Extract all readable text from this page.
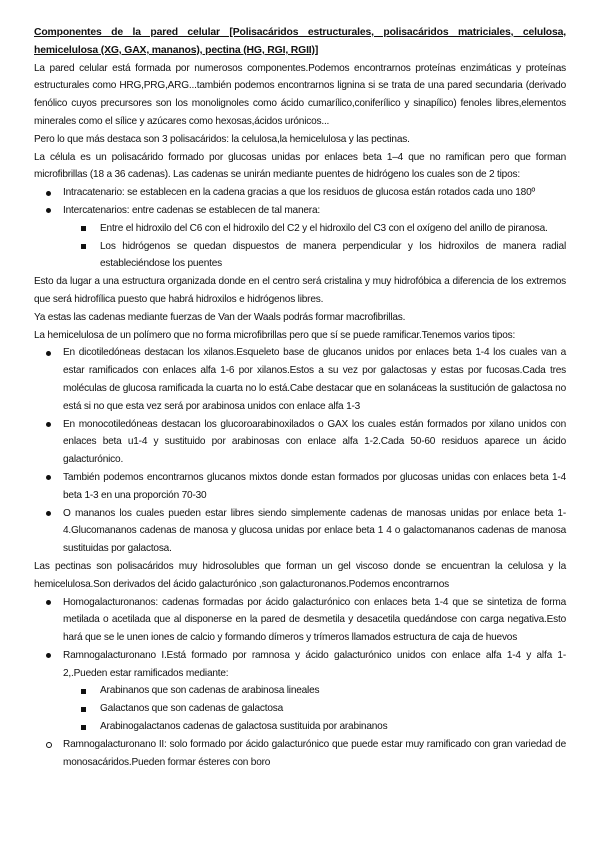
Componentes de la pared celular [Polisacáridos estructurales, polisacáridos matriciales, celulosa, hemicelulosa (XG, GAX, mananos), pectina (HG, RGI, RGII)]

La pared celular está formada por numerosos componentes.Podemos encontrarnos proteínas enzimáticas y proteínas estructurales como HRG,PRG,ARG...también podemos encontrarnos lignina si se trata de una pared secundaria (derivado fenólico cuyos precursores son los monolignoles como ácido cumarílico,coniferílico y sinapílico) fenoles libres,elementos minerales como el sílice y azúcares como hexosas,ácidos urónicos...

Pero lo que más destaca son 3 polisacáridos: la celulosa,la hemicelulosa y las pectinas.

La célula es un polisacárido formado por glucosas unidas por enlaces beta 1–4 que no ramifican pero que forman microfibrillas (18 a 36 cadenas). Las cadenas se unirán mediante puentes de hidrógeno los cuales son de 2 tipos:

Intracatenario: se establecen en la cadena gracias a que los residuos de glucosa están rotados cada uno 180º
Intercatenarios: entre cadenas se establecen de tal manera:
Entre el hidroxilo del C6 con el hidroxilo del C2 y el hidroxilo del C3 con el oxígeno del anillo de piranosa.
Los hidrógenos se quedan dispuestos de manera perpendicular y los hidroxilos de manera radial estableciéndose los puentes

Esto da lugar a una estructura organizada donde en el centro será cristalina y muy hidrofóbica a diferencia de los extremos que será hidrofílica puesto que habrá hidroxilos e hidrógenos libres.

Ya estas las cadenas mediante fuerzas de Van der Waals podrás formar macrofibrillas.

La hemicelulosa de un polímero que no forma microfibrillas pero que sí se puede ramificar.Tenemos varios tipos:

En dicotiledóneas destacan los xilanos.Esqueleto base de glucanos unidos por enlaces beta 1-4 los cuales van a estar ramificados con enlaces alfa 1-6 por xilanos.Estos a su vez por galactosas y estas por fucosas.Cada tres moléculas de glucosa ramificada la cuarta no lo está.Cabe destacar que en solanáceas la sustitución de galactosa no está si no que esta vez será por arabinosa unidos con enlace alfa 1-3
En monocotiledóneas destacan los glucoroarabinoxilados o GAX los cuales están formados por xilano unidos con enlaces beta u1-4 y sustituido por arabinosas con enlace alfa 1-2.Cada 50-60 residuos aparece un ácido galacturónico.
También podemos encontrarnos glucanos mixtos donde estan formados por glucosas unidas con enlaces beta 1-4 beta 1-3 en una proporción 70-30
O mananos los cuales pueden estar libres siendo simplemente cadenas de manosas unidas por enlace beta 1-4.Glucomananos cadenas de manosa y glucosa unidas por enlace beta 1 4 o galactomananos cadenas de manosa sustituidas por galactosa.

Las pectinas son polisacáridos muy hidrosolubles que forman un gel viscoso donde se encuentran la celulosa y la hemicelulosa.Son derivados del ácido galacturónico ,son galacturonanos.Podemos encontrarnos

Homogalacturonanos: cadenas formadas por ácido galacturónico con enlaces beta 1-4 que se sintetiza de forma metilada o acetilada que al disponerse en la pared de desmetila y desacetila quedándose con carga negativa.Esto hará que se le unen iones de calcio y formando dímeros y trímeros llamados estructura de caja de huevos
Ramnogalacturonano I.Está formado por ramnosa y ácido galacturónico unidos con enlace alfa 1-4 y alfa 1-2,.Pueden estar ramificados mediante:
Arabinanos que son cadenas de arabinosa lineales
Galactanos que son cadenas de galactosa
Arabinogalactanos cadenas de galactosa sustituida por arabinanos
Ramnogalacturonano II: solo formado por ácido galacturónico que puede estar muy ramificado con gran variedad de monosacáridos.Pueden formar ésteres con boro
